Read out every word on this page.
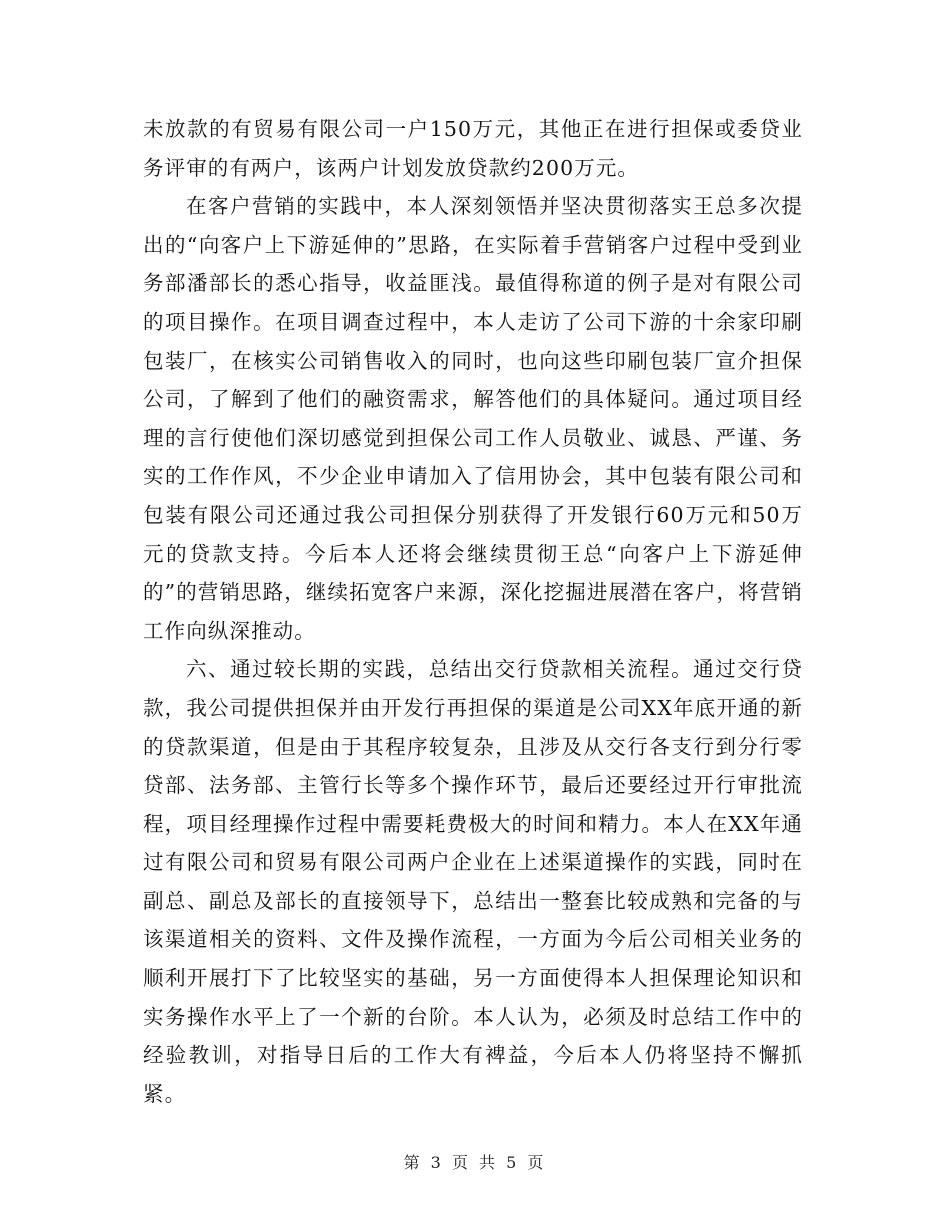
未放款的有贸易有限公司一户150万元，其他正在进行担保或委贷业务评审的有两户，该两户计划发放贷款约200万元。

在客户营销的实践中，本人深刻领悟并坚决贯彻落实王总多次提出的“向客户上下游延伸的”思路，在实际着手营销客户过程中受到业务部潘部长的悉心指导，收益匪浅。最值得称道的例子是对有限公司的项目操作。在项目调查过程中，本人走访了公司下游的十余家印刷包装厂，在核实公司销售收入的同时，也向这些印刷包装厂宣介担保公司，了解到了他们的融资需求，解答他们的具体疑问。通过项目经理的言行使他们深切感觉到担保公司工作人员敬业、诚恳、严谨、务实的工作作风，不少企业申请加入了信用协会，其中包装有限公司和包装有限公司还通过我公司担保分别获得了开发银行60万元和50万元的贷款支持。今后本人还将会继续贯彻王总“向客户上下游延伸的”的营销思路，继续拓宽客户来源，深化挖掘进展潜在客户，将营销工作向纵深推动。

六、通过较长期的实践，总结出交行贷款相关流程。通过交行贷款，我公司提供担保并由开发行再担保的渠道是公司XX年底开通的新的贷款渠道，但是由于其程序较复杂，且涉及从交行各支行到分行零贷部、法务部、主管行长等多个操作环节，最后还要经过开行审批流程，项目经理操作过程中需要耗费极大的时间和精力。本人在XX年通过有限公司和贸易有限公司两户企业在上述渠道操作的实践，同时在副总、副总及部长的直接领导下，总结出一整套比较成熟和完备的与该渠道相关的资料、文件及操作流程，一方面为今后公司相关业务的顺利开展打下了比较坚实的基础，另一方面使得本人担保理论知识和实务操作水平上了一个新的台阶。本人认为，必须及时总结工作中的经验教训，对指导日后的工作大有裨益，今后本人仍将坚持不懈抓紧。

第 3 页 共 5 页
